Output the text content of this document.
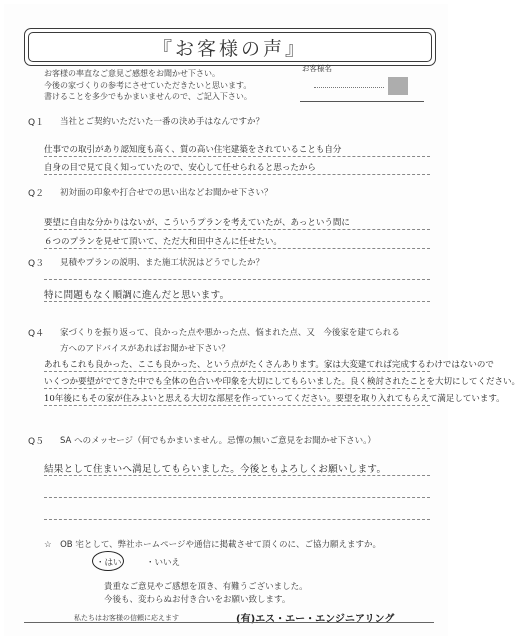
『お客様の声』
お客様の率直なご意見ご感想をお聞かせ下さい。
今後の家づくりの参考にさせていただきたいと思います。
書けることを多少でもかまいませんので、ご記入下さい。
お客様名
Q１ 当社とご契約いただいた一番の決め手はなんですか？
仕事での取引があり認知度も高く、質の高い住宅建築をされていることも自分
自身の目で見て良く知っていたので、安心して任せられると思ったから
Q２ 初対面の印象や打合せでの思い出などお聞かせ下さい？
要望に自由な分かりはないが、こういうプランを考えていたが、あっという間に
６つのプランを見せて頂いて、ただ大和田中さんに任せたい。
Q３ 見積やプランの説明、また施工状況はどうでしたか？
特に問題もなく順調に進んだと思います。
Q４ 家づくりを振り返って、良かった点や悪かった点、悩まれた点、又　今後家を建てられる
方へのアドバイスがあればお聞かせ下さい？
あれもこれも良かった、ここも良かった、という点がたくさんあります。家は大変建てれば完成するわけではないので
いくつか要望がでてきた中でも全体の色合いや印象を大切にしてもらいました。良く検討されたことを大切にしてください。
10年後にもその家が住みよいと思える大切な部屋を作っていってください。要望を取り入れてもらえて満足しています。
Q５ SA へのメッセージ（何でもかまいません。忌憚の無いご意見をお聞かせ下さい。）
結果として住まいへ満足してもらいました。今後ともよろしくお願いします。
☆　OB 宅として、弊社ホームページや通信に掲載させて頂くのに、ご協力願えますか。
・はい	・いいえ
貴重なご意見やご感想を頂き、有難うございました。
今後も、変わらぬお付き合いをお願い致します。
私たちはお客様の信頼に応えます	(有)エス・エー・エンジニアリング
